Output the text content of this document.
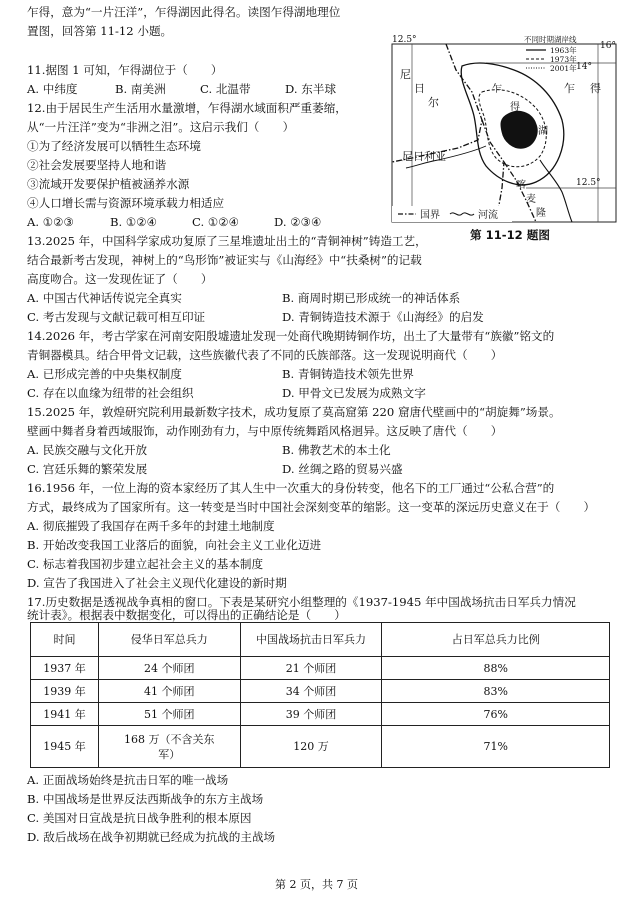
乍得，意为“一片汪洋”，乍得湖因此得名。读图乍得湖地理位
置图，回答第 11-12 小题。
11.据图 1 可知，乍得湖位于（　　）
A. 中纬度	B. 南美洲	C. 北温带	D. 东半球
12.由于居民生产生活用水量激增，乍得湖水域面积严重萎缩，
从“一片汪洋”变为“非洲之泪”。这启示我们（　　）
①为了经济发展可以牺牲生态环境
②社会发展要坚持人地和谐
③流域开发要保护植被涵养水源
④人口增长需与资源环境承载力相适应
A. ①②③	B. ①②④	C. ①②④	D. ②③④
12.5°
16°
14°
12.5°
不同时期湖岸线
1963年
1973年
2001年
尼
日
尔
乍 得
尼日利亚
喀
麦
隆
乍
得
湖
国界	河流
第 11-12 题图
13.2025 年，中国科学家成功复原了三星堆遗址出土的“青铜神树”铸造工艺，
结合最新考古发现，神树上的“鸟形饰”被证实与《山海经》中“扶桑树”的记载
高度吻合。这一发现佐证了（　　）
A. 中国古代神话传说完全真实	B. 商周时期已形成统一的神话体系
C. 考古发现与文献记载可相互印证	D. 青铜铸造技术源于《山海经》的启发
14.2026 年，考古学家在河南安阳殷墟遗址发现一处商代晚期铸铜作坊，出土了大量带有“族徽”铭文的
青铜器模具。结合甲骨文记载，这些族徽代表了不同的氏族部落。这一发现说明商代（　　）
A. 已形成完善的中央集权制度	B. 青铜铸造技术领先世界
C. 存在以血缘为纽带的社会组织	D. 甲骨文已发展为成熟文字
15.2025 年，敦煌研究院利用最新数字技术，成功复原了莫高窟第 220 窟唐代壁画中的“胡旋舞”场景。
壁画中舞者身着西域服饰，动作刚劲有力，与中原传统舞蹈风格迥异。这反映了唐代（　　）
A. 民族交融与文化开放	B. 佛教艺术的本土化
C. 宫廷乐舞的繁荣发展	D. 丝绸之路的贸易兴盛
16.1956 年，一位上海的资本家经历了其人生中一次重大的身份转变，他名下的工厂通过“公私合营”的
方式，最终成为了国家所有。这一转变是当时中国社会深刻变革的缩影。这一变革的深远历史意义在于（　　）
A. 彻底摧毁了我国存在两千多年的封建土地制度
B. 开始改变我国工业落后的面貌，向社会主义工业化迈进
C. 标志着我国初步建立起社会主义的基本制度
D. 宣告了我国进入了社会主义现代化建设的新时期
17.历史数据是透视战争真相的窗口。下表是某研究小组整理的《1937-1945 年中国战场抗击日军兵力情况
统计表》。根据表中数据变化，可以得出的正确结论是（　　）
时间	侵华日军总兵力	中国战场抗击日军兵力	占日军总兵力比例
1937 年	24 个师团	21 个师团	88%
1939 年	41 个师团	34 个师团	83%
1941 年	51 个师团	39 个师团	76%
1945 年	168 万（不含关东
军）	120 万	71%
A. 正面战场始终是抗击日军的唯一战场
B. 中国战场是世界反法西斯战争的东方主战场
C. 美国对日宣战是抗日战争胜利的根本原因
D. 敌后战场在战争初期就已经成为抗战的主战场
第 2 页，共 7 页
